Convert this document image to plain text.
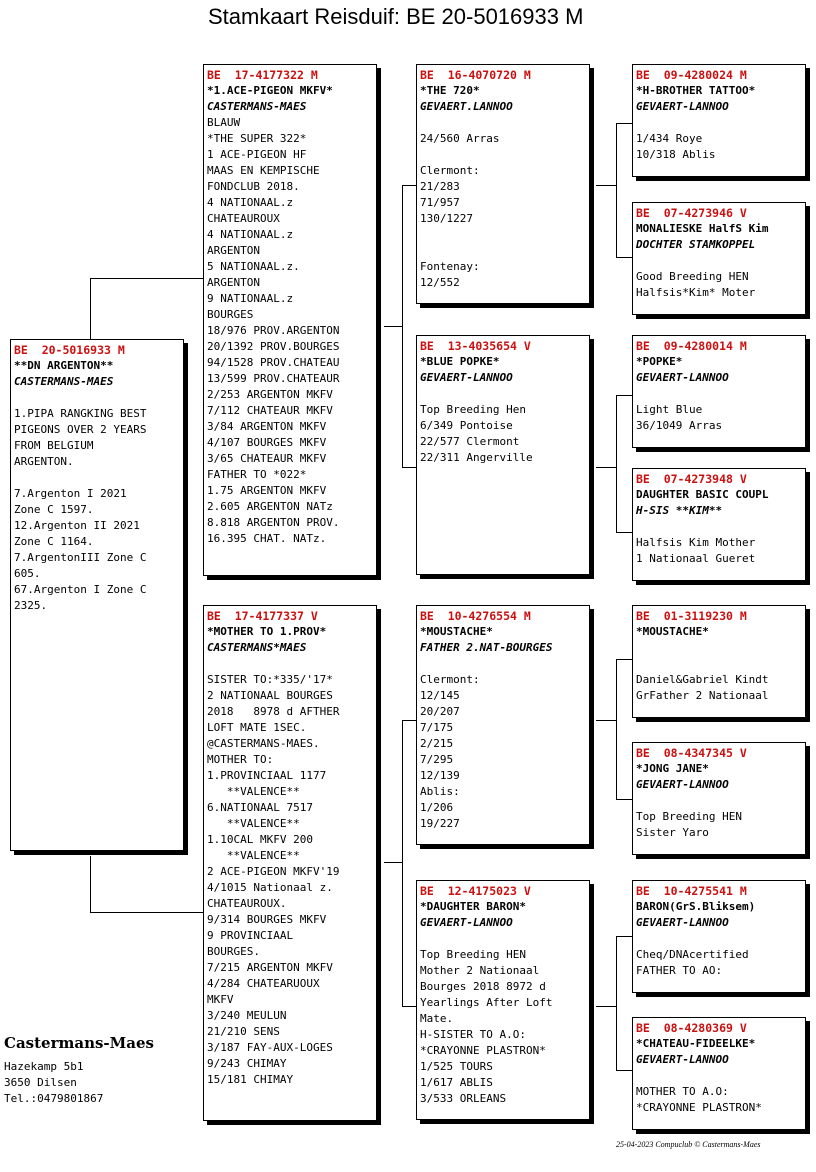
Stamkaart Reisduif: BE 20-5016933 M
BE  20-5016933 M
**DN ARGENTON**
CASTERMANS-MAES
1.PIPA RANGKING BEST
PIGEONS OVER 2 YEARS
FROM BELGIUM
ARGENTON.
7.Argenton I 2021
Zone C 1597.
12.Argenton II 2021
Zone C 1164.
7.ArgentonIII Zone C
605.
67.Argenton I Zone C
2325.
BE  17-4177322 M
*1.ACE-PIGEON MKFV*
CASTERMANS-MAES
BLAUW
*THE SUPER 322*
1 ACE-PIGEON HF
MAAS EN KEMPISCHE
FONDCLUB 2018.
4 NATIONAAL.z
CHATEAUROUX
4 NATIONAAL.z
ARGENTON
5 NATIONAAL.z.
ARGENTON
9 NATIONAAL.z
BOURGES
18/976 PROV.ARGENTON
20/1392 PROV.BOURGES
94/1528 PROV.CHATEAU
13/599 PROV.CHATEAUR
2/253 ARGENTON MKFV
7/112 CHATEAUR MKFV
3/84 ARGENTON MKFV
4/107 BOURGES MKFV
3/65 CHATEAUR MKFV
FATHER TO *022*
1.75 ARGENTON MKFV
2.605 ARGENTON NATz
8.818 ARGENTON PROV.
16.395 CHAT. NATz.
BE  17-4177337 V
*MOTHER TO 1.PROV*
CASTERMANS*MAES
SISTER TO:*335/'17*
2 NATIONAAL BOURGES
2018   8978 d AFTHER
LOFT MATE 1SEC.
@CASTERMANS-MAES.
MOTHER TO:
1.PROVINCIAAL 1177
**VALENCE**
6.NATIONAAL 7517
**VALENCE**
1.10CAL MKFV 200
**VALENCE**
2 ACE-PIGEON MKFV'19
4/1015 Nationaal z.
CHATEAUROUX.
9/314 BOURGES MKFV
9 PROVINCIAAL
BOURGES.
7/215 ARGENTON MKFV
4/284 CHATEARUOUX
MKFV
3/240 MEULUN
21/210 SENS
3/187 FAY-AUX-LOGES
9/243 CHIMAY
15/181 CHIMAY
BE  16-4070720 M
*THE 720*
GEVAERT.LANNOO
24/560 Arras
Clermont:
21/283
71/957
130/1227
Fontenay:
12/552
BE  13-4035654 V
*BLUE POPKE*
GEVAERT-LANNOO
Top Breeding Hen
6/349 Pontoise
22/577 Clermont
22/311 Angerville
BE  10-4276554 M
*MOUSTACHE*
FATHER 2.NAT-BOURGES
Clermont:
12/145
20/207
7/175
2/215
7/295
12/139
Ablis:
1/206
19/227
BE  12-4175023 V
*DAUGHTER BARON*
GEVAERT-LANNOO
Top Breeding HEN
Mother 2 Nationaal
Bourges 2018 8972 d
Yearlings After Loft
Mate.
H-SISTER TO A.O:
*CRAYONNE PLASTRON*
1/525 TOURS
1/617 ABLIS
3/533 ORLEANS
BE  09-4280024 M
*H-BROTHER TATTOO*
GEVAERT-LANNOO
1/434 Roye
10/318 Ablis
BE  07-4273946 V
MONALIESKE HalfS Kim
DOCHTER STAMKOPPEL
Good Breeding HEN
Halfsis*Kim* Moter
BE  09-4280014 M
*POPKE*
GEVAERT-LANNOO
Light Blue
36/1049 Arras
BE  07-4273948 V
DAUGHTER BASIC COUPL
H-SIS **KIM**
Halfsis Kim Mother
1 Nationaal Gueret
BE  01-3119230 M
*MOUSTACHE*
Daniel&Gabriel Kindt
GrFather 2 Nationaal
BE  08-4347345 V
*JONG JANE*
GEVAERT-LANNOO
Top Breeding HEN
Sister Yaro
BE  10-4275541 M
BARON(GrS.Bliksem)
GEVAERT-LANNOO
Cheq/DNAcertified
FATHER TO AO:
BE  08-4280369 V
*CHATEAU-FIDEELKE*
GEVAERT-LANNOO
MOTHER TO A.O:
*CRAYONNE PLASTRON*
Castermans-Maes
Hazekamp 5b1
3650 Dilsen
Tel.:0479801867
25-04-2023 Compuclub © Castermans-Maes
